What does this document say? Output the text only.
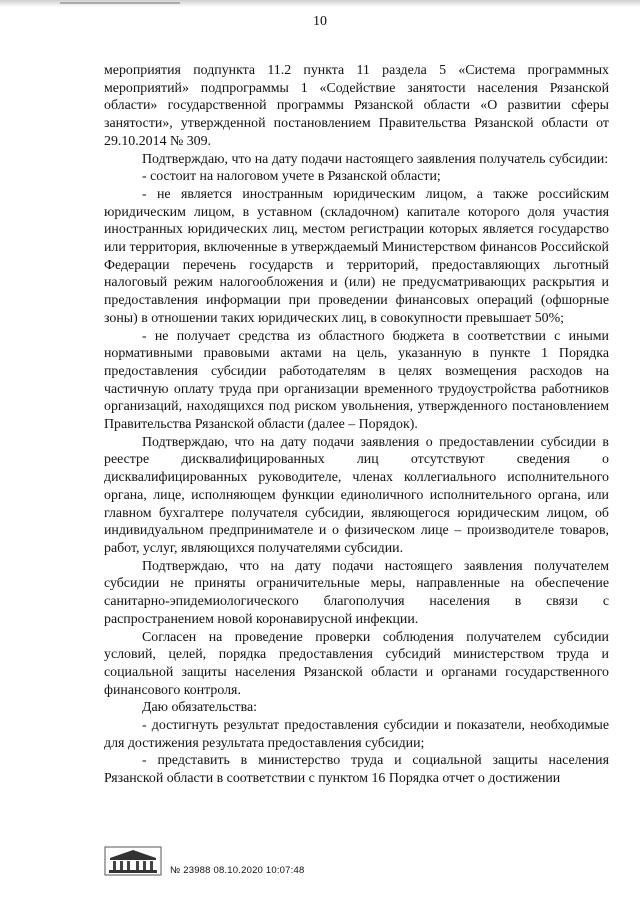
10

мероприятия подпункта 11.2 пункта 11 раздела 5 «Система программных мероприятий» подпрограммы 1 «Содействие занятости населения Рязанской области» государственной программы Рязанской области «О развитии сферы занятости», утвержденной постановлением Правительства Рязанской области от 29.10.2014 № 309.

Подтверждаю, что на дату подачи настоящего заявления получатель субсидии:

- состоит на налоговом учете в Рязанской области;

- не является иностранным юридическим лицом, а также российским юридическим лицом, в уставном (складочном) капитале которого доля участия иностранных юридических лиц, местом регистрации которых является государство или территория, включенные в утверждаемый Министерством финансов Российской Федерации перечень государств и территорий, предоставляющих льготный налоговый режим налогообложения и (или) не предусматривающих раскрытия и предоставления информации при проведении финансовых операций (офшорные зоны) в отношении таких юридических лиц, в совокупности превышает 50%;

- не получает средства из областного бюджета в соответствии с иными нормативными правовыми актами на цель, указанную в пункте 1 Порядка предоставления субсидии работодателям в целях возмещения расходов на частичную оплату труда при организации временного трудоустройства работников организаций, находящихся под риском увольнения, утвержденного постановлением Правительства Рязанской области (далее – Порядок).

Подтверждаю, что на дату подачи заявления о предоставлении субсидии в реестре дисквалифицированных лиц отсутствуют сведения о дисквалифицированных руководителе, членах коллегиального исполнительного органа, лице, исполняющем функции единоличного исполнительного органа, или главном бухгалтере получателя субсидии, являющегося юридическим лицом, об индивидуальном предпринимателе и о физическом лице – производителе товаров, работ, услуг, являющихся получателями субсидии.

Подтверждаю, что на дату подачи настоящего заявления получателем субсидии не приняты ограничительные меры, направленные на обеспечение санитарно-эпидемиологического благополучия населения в связи с распространением новой коронавирусной инфекции.

Согласен на проведение проверки соблюдения получателем субсидии условий, целей, порядка предоставления субсидий министерством труда и социальной защиты населения Рязанской области и органами государственного финансового контроля.

Даю обязательства:

- достигнуть результат предоставления субсидии и показатели, необходимые для достижения результата предоставления субсидии;

- представить в министерство труда и социальной защиты населения Рязанской области в соответствии с пунктом 16 Порядка отчет о достижении

№ 23988 08.10.2020 10:07:48
